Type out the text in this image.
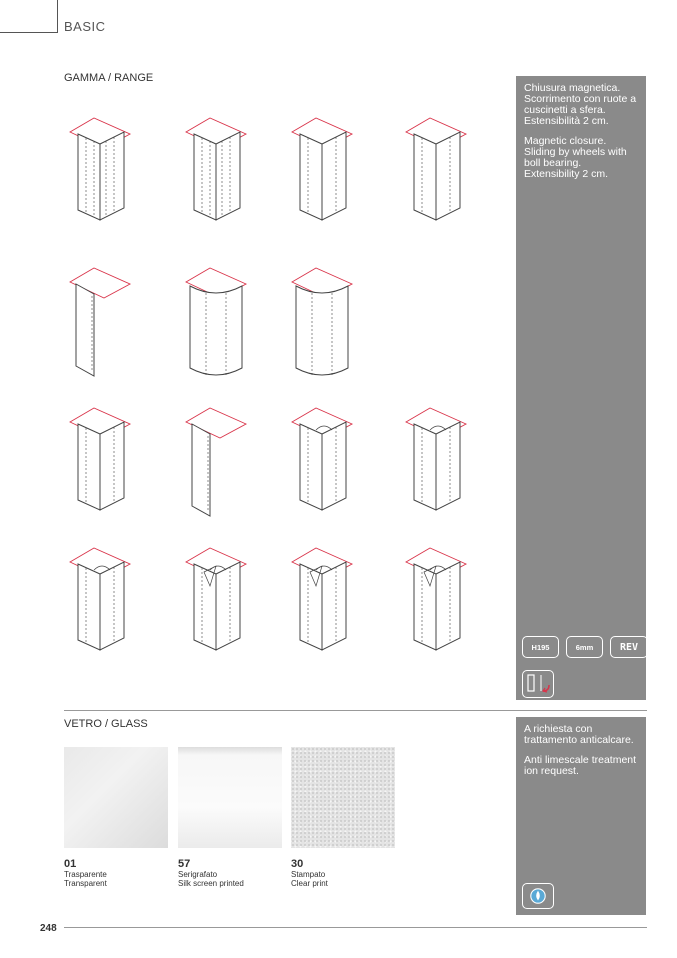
BASIC
GAMMA / RANGE

Chiusura magnetica. Scorrimento con ruote a cuscinetti a sfera. Estensibilità 2 cm.

Magnetic closure. Sliding by wheels with boll bearing. Extensibility 2 cm.

H195	6mm	REV
VETRO / GLASS
01
Trasparente
Transparent
57
Serigrafato
Silk screen printed
30
Stampato
Clear print

A richiesta con trattamento anticalcare.

Anti limescale treatment ion request.

248
